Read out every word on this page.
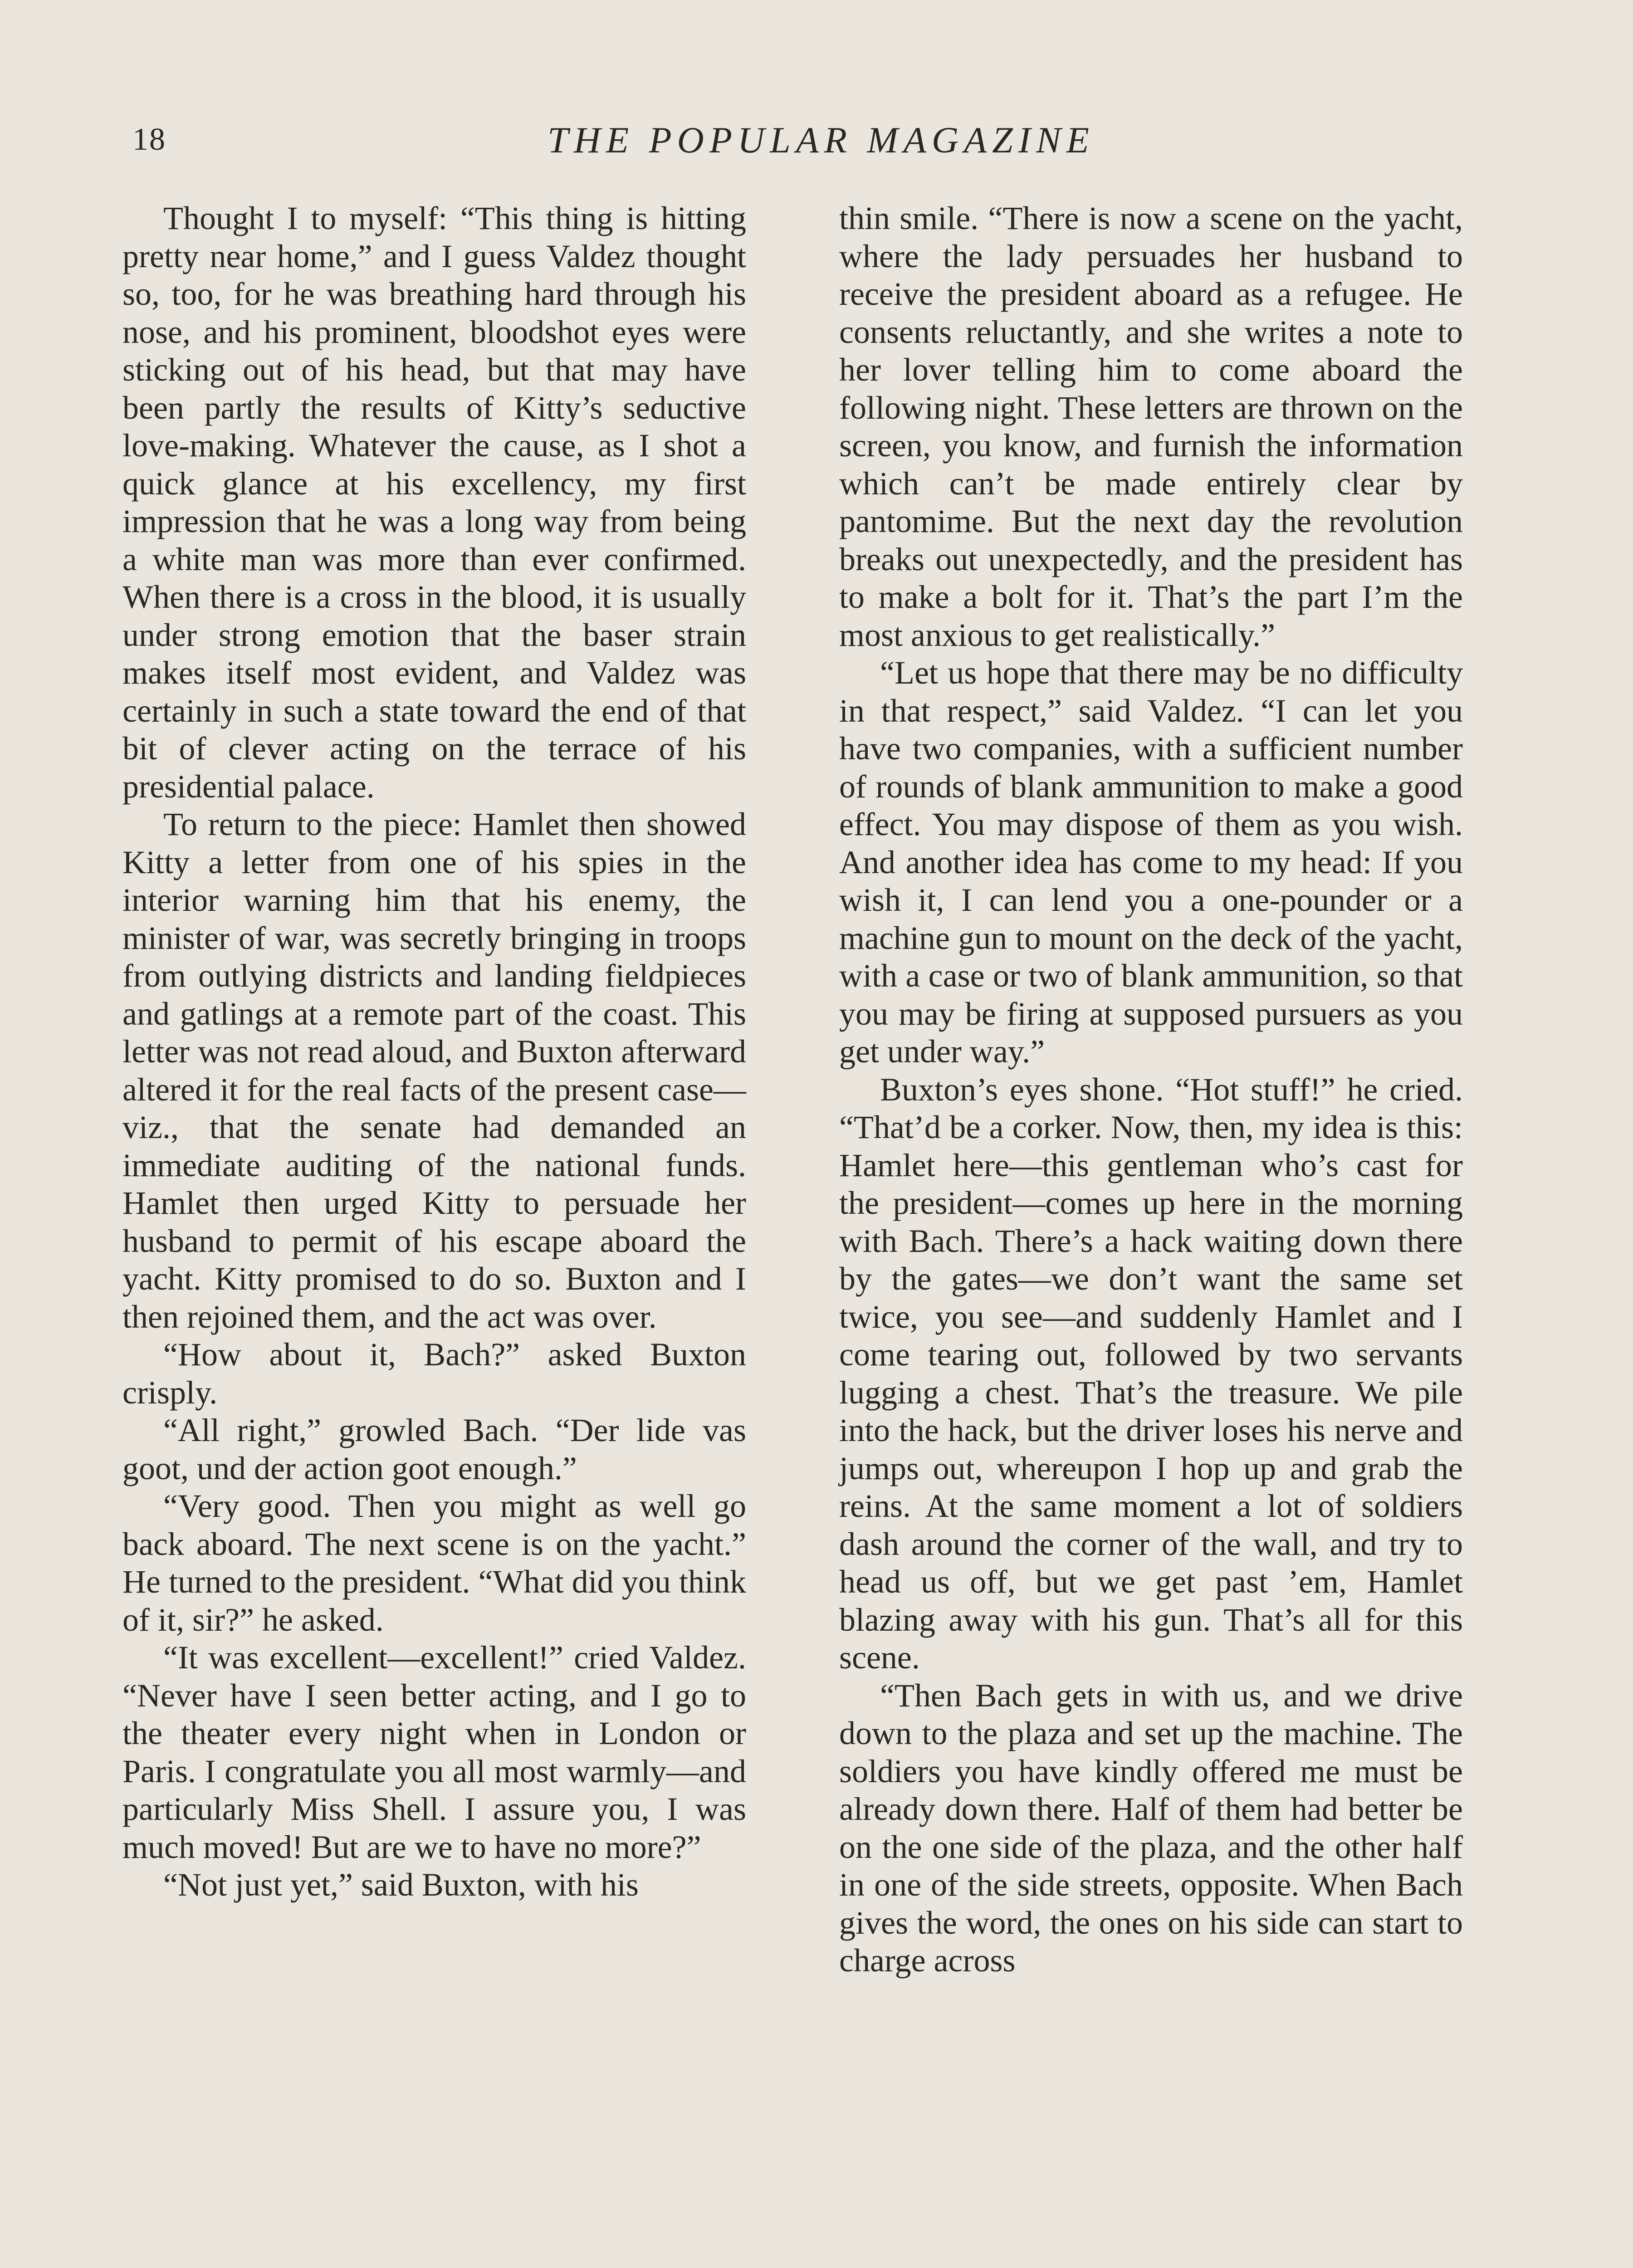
18	THE POPULAR MAGAZINE

Thought I to myself: “This thing is hitting pretty near home,” and I guess Valdez thought so, too, for he was breathing hard through his nose, and his prominent, bloodshot eyes were sticking out of his head, but that may have been partly the results of Kitty’s seductive love-making. Whatever the cause, as I shot a quick glance at his excellency, my first impression that he was a long way from being a white man was more than ever confirmed. When there is a cross in the blood, it is usually under strong emotion that the baser strain makes itself most evident, and Valdez was certainly in such a state toward the end of that bit of clever acting on the terrace of his presidential palace.

To return to the piece: Hamlet then showed Kitty a letter from one of his spies in the interior warning him that his enemy, the minister of war, was secretly bringing in troops from outlying districts and landing fieldpieces and gatlings at a remote part of the coast. This letter was not read aloud, and Buxton afterward altered it for the real facts of the present case—viz., that the senate had demanded an immediate auditing of the national funds. Hamlet then urged Kitty to persuade her husband to permit of his escape aboard the yacht. Kitty promised to do so. Buxton and I then rejoined them, and the act was over.

“How about it, Bach?” asked Buxton crisply.

“All right,” growled Bach. “Der lide vas goot, und der action goot enough.”

“Very good. Then you might as well go back aboard. The next scene is on the yacht.” He turned to the president. “What did you think of it, sir?” he asked.

“It was excellent—excellent!” cried Valdez. “Never have I seen better acting, and I go to the theater every night when in London or Paris. I congratulate you all most warmly—and particularly Miss Shell. I assure you, I was much moved! But are we to have no more?”

“Not just yet,” said Buxton, with his

thin smile. “There is now a scene on the yacht, where the lady persuades her husband to receive the president aboard as a refugee. He consents reluctantly, and she writes a note to her lover telling him to come aboard the following night. These letters are thrown on the screen, you know, and furnish the information which can’t be made entirely clear by pantomime. But the next day the revolution breaks out unexpectedly, and the president has to make a bolt for it. That’s the part I’m the most anxious to get realistically.”

“Let us hope that there may be no difficulty in that respect,” said Valdez. “I can let you have two companies, with a sufficient number of rounds of blank ammunition to make a good effect. You may dispose of them as you wish. And another idea has come to my head: If you wish it, I can lend you a one-pounder or a machine gun to mount on the deck of the yacht, with a case or two of blank ammunition, so that you may be firing at supposed pursuers as you get under way.”

Buxton’s eyes shone. “Hot stuff!” he cried. “That’d be a corker. Now, then, my idea is this: Hamlet here—this gentleman who’s cast for the president—comes up here in the morning with Bach. There’s a hack waiting down there by the gates—we don’t want the same set twice, you see—and suddenly Hamlet and I come tearing out, followed by two servants lugging a chest. That’s the treasure. We pile into the hack, but the driver loses his nerve and jumps out, whereupon I hop up and grab the reins. At the same moment a lot of soldiers dash around the corner of the wall, and try to head us off, but we get past ’em, Hamlet blazing away with his gun. That’s all for this scene.

“Then Bach gets in with us, and we drive down to the plaza and set up the machine. The soldiers you have kindly offered me must be already down there. Half of them had better be on the one side of the plaza, and the other half in one of the side streets, opposite. When Bach gives the word, the ones on his side can start to charge across
